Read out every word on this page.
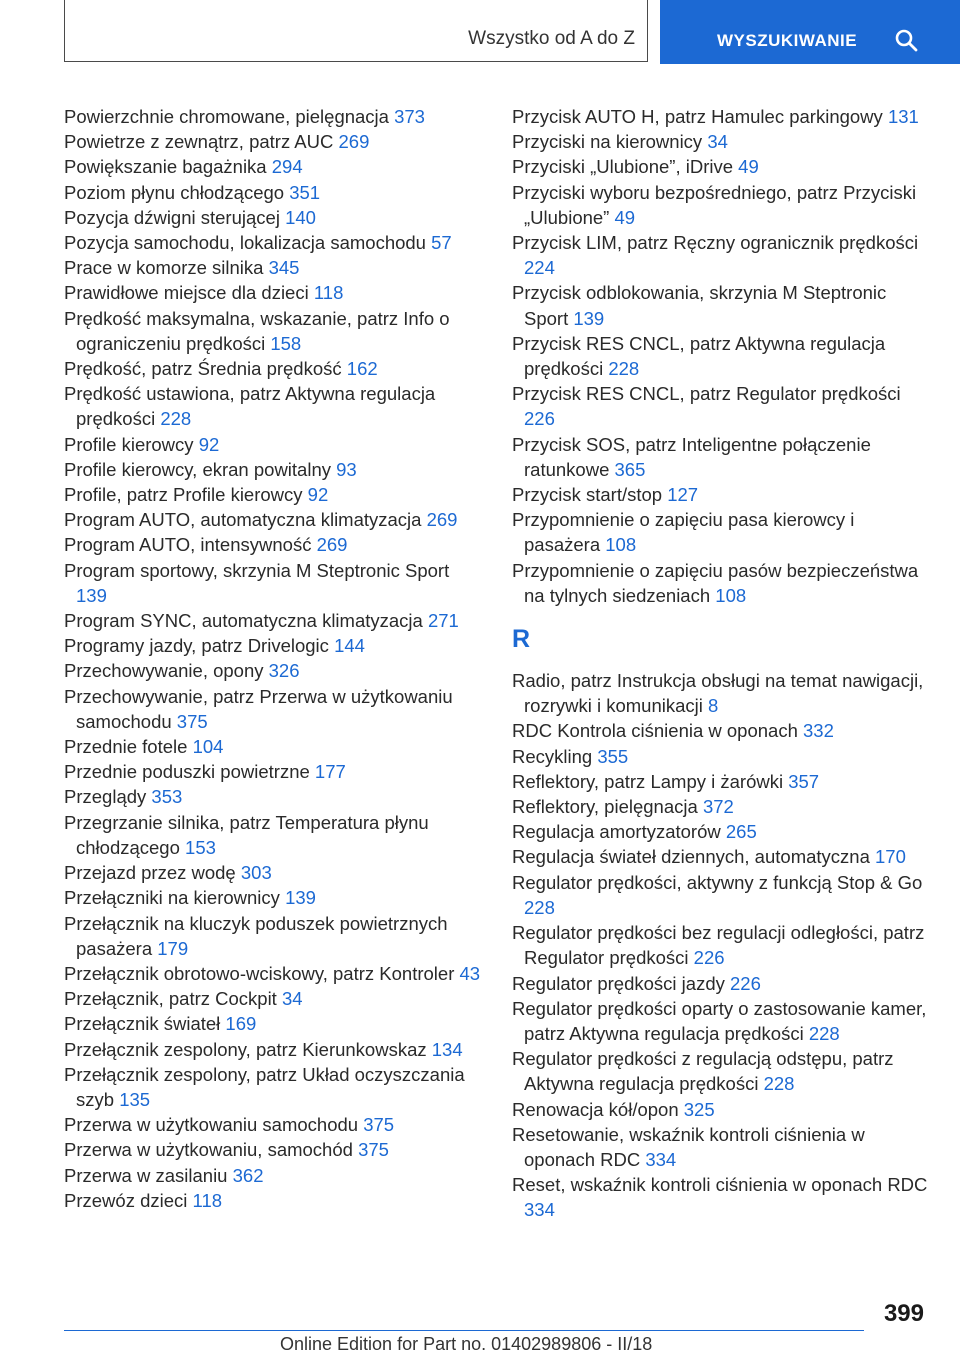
Wszystko od A do Z	WYSZUKIWANIE
Powierzchnie chromowane, pielęgnacja 373
Powietrze z zewnątrz, patrz AUC 269
Powiększanie bagażnika 294
Poziom płynu chłodzącego 351
Pozycja dźwigni sterującej 140
Pozycja samochodu, lokalizacja samochodu 57
Prace w komorze silnika 345
Prawidłowe miejsce dla dzieci 118
Prędkość maksymalna, wskazanie, patrz Info o ograniczeniu prędkości 158
Prędkość, patrz Średnia prędkość 162
Prędkość ustawiona, patrz Aktywna regulacja prędkości 228
Profile kierowcy 92
Profile kierowcy, ekran powitalny 93
Profile, patrz Profile kierowcy 92
Program AUTO, automatyczna klimatyzacja 269
Program AUTO, intensywność 269
Program sportowy, skrzynia M Steptronic Sport 139
Program SYNC, automatyczna klimatyzacja 271
Programy jazdy, patrz Drivelogic 144
Przechowywanie, opony 326
Przechowywanie, patrz Przerwa w użytkowaniu samochodu 375
Przednie fotele 104
Przednie poduszki powietrzne 177
Przeglądy 353
Przegrzanie silnika, patrz Temperatura płynu chłodzącego 153
Przejazd przez wodę 303
Przełączniki na kierownicy 139
Przełącznik na kluczyk poduszek powietrznych pasażera 179
Przełącznik obrotowo-wciskowy, patrz Kontroler 43
Przełącznik, patrz Cockpit 34
Przełącznik świateł 169
Przełącznik zespolony, patrz Kierunkowskaz 134
Przełącznik zespolony, patrz Układ oczyszczania szyb 135
Przerwa w użytkowaniu samochodu 375
Przerwa w użytkowaniu, samochód 375
Przerwa w zasilaniu 362
Przewóz dzieci 118
Przycisk AUTO H, patrz Hamulec parkingowy 131
Przyciski na kierownicy 34
Przyciski „Ulubione”, iDrive 49
Przyciski wyboru bezpośredniego, patrz Przyciski „Ulubione” 49
Przycisk LIM, patrz Ręczny ogranicznik prędkości 224
Przycisk odblokowania, skrzynia M Steptronic Sport 139
Przycisk RES CNCL, patrz Aktywna regulacja prędkości 228
Przycisk RES CNCL, patrz Regulator prędkości 226
Przycisk SOS, patrz Inteligentne połączenie ratunkowe 365
Przycisk start/stop 127
Przypomnienie o zapięciu pasa kierowcy i pasażera 108
Przypomnienie o zapięciu pasów bezpieczeństwa na tylnych siedzeniach 108
R
Radio, patrz Instrukcja obsługi na temat nawigacji, rozrywki i komunikacji 8
RDC Kontrola ciśnienia w oponach 332
Recykling 355
Reflektory, patrz Lampy i żarówki 357
Reflektory, pielęgnacja 372
Regulacja amortyzatorów 265
Regulacja świateł dziennych, automatyczna 170
Regulator prędkości, aktywny z funkcją Stop & Go 228
Regulator prędkości bez regulacji odległości, patrz Regulator prędkości 226
Regulator prędkości jazdy 226
Regulator prędkości oparty o zastosowanie kamer, patrz Aktywna regulacja prędkości 228
Regulator prędkości z regulacją odstępu, patrz Aktywna regulacja prędkości 228
Renowacja kół/opon 325
Resetowanie, wskaźnik kontroli ciśnienia w oponach RDC 334
Reset, wskaźnik kontroli ciśnienia w oponach RDC 334
399
Online Edition for Part no. 01402989806 - II/18
